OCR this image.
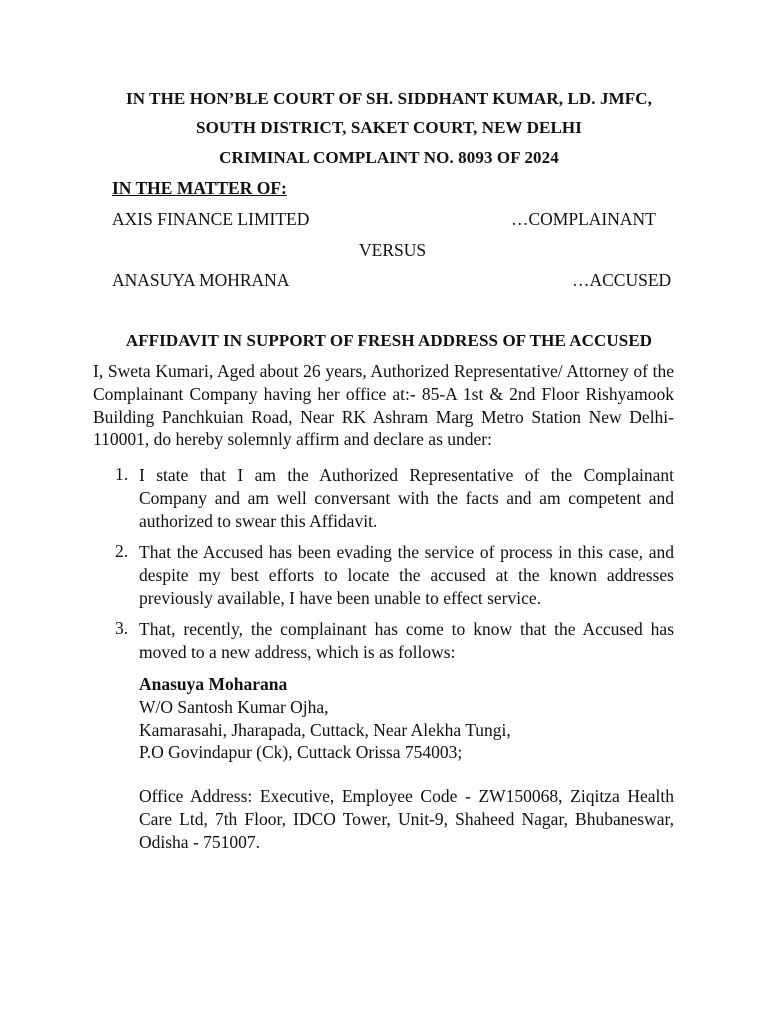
IN THE HON’BLE COURT OF SH. SIDDHANT KUMAR, LD. JMFC,
SOUTH DISTRICT, SAKET COURT, NEW DELHI
CRIMINAL COMPLAINT NO. 8093 OF 2024
IN THE MATTER OF:
AXIS FINANCE LIMITED	…COMPLAINANT
VERSUS
ANASUYA MOHRANA	…ACCUSED
AFFIDAVIT IN SUPPORT OF FRESH ADDRESS OF THE ACCUSED
I, Sweta Kumari, Aged about 26 years, Authorized Representative/ Attorney of the Complainant Company having her office at:- 85-A 1st & 2nd Floor Rishyamook Building Panchkuian Road, Near RK Ashram Marg Metro Station New Delhi-110001, do hereby solemnly affirm and declare as under:
1. I state that I am the Authorized Representative of the Complainant Company and am well conversant with the facts and am competent and authorized to swear this Affidavit.
2. That the Accused has been evading the service of process in this case, and despite my best efforts to locate the accused at the known addresses previously available, I have been unable to effect service.
3. That, recently, the complainant has come to know that the Accused has moved to a new address, which is as follows:
Anasuya Moharana
W/O Santosh Kumar Ojha,
Kamarasahi, Jharapada, Cuttack, Near Alekha Tungi,
P.O Govindapur (Ck), Cuttack Orissa 754003;
Office Address: Executive, Employee Code - ZW150068, Ziqitza Health Care Ltd, 7th Floor, IDCO Tower, Unit-9, Shaheed Nagar, Bhubaneswar, Odisha - 751007.
